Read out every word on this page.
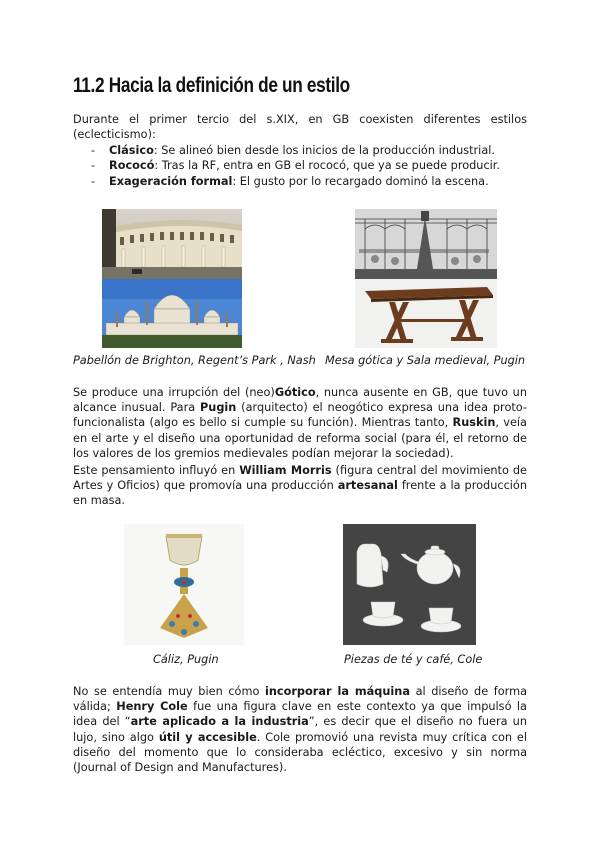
11.2 Hacia la definición de un estilo

Durante el primer tercio del s.XIX, en GB coexisten diferentes estilos (eclecticismo):

- Clásico: Se alineó bien desde los inicios de la producción industrial.
- Rococó: Tras la RF, entra en GB el rococó, que ya se puede producir.
- Exageración formal: El gusto por lo recargado dominó la escena.
Pabellón de Brighton, Regent’s Park , Nash Mesa gótica y Sala medieval, Pugin

Se produce una irrupción del (neo)Gótico, nunca ausente en GB, que tuvo un alcance inusual. Para Pugin (arquitecto) el neogótico expresa una idea proto-funcionalista (algo es bello si cumple su función). Mientras tanto, Ruskin, veía en el arte y el diseño una oportunidad de reforma social (para él, el retorno de los valores de los gremios medievales podían mejorar la sociedad).

Este pensamiento influyó en William Morris (figura central del movimiento de Artes y Oficios) que promovía una producción artesanal frente a la producción en masa.

Cáliz, Pugin	Piezas de té y café, Cole

No se entendía muy bien cómo incorporar la máquina al diseño de forma válida; Henry Cole fue una figura clave en este contexto ya que impulsó la idea del “arte aplicado a la industria”, es decir que el diseño no fuera un lujo, sino algo útil y accesible. Cole promovió una revista muy crítica con el diseño del momento que lo consideraba ecléctico, excesivo y sin norma (Journal of Design and Manufactures).
